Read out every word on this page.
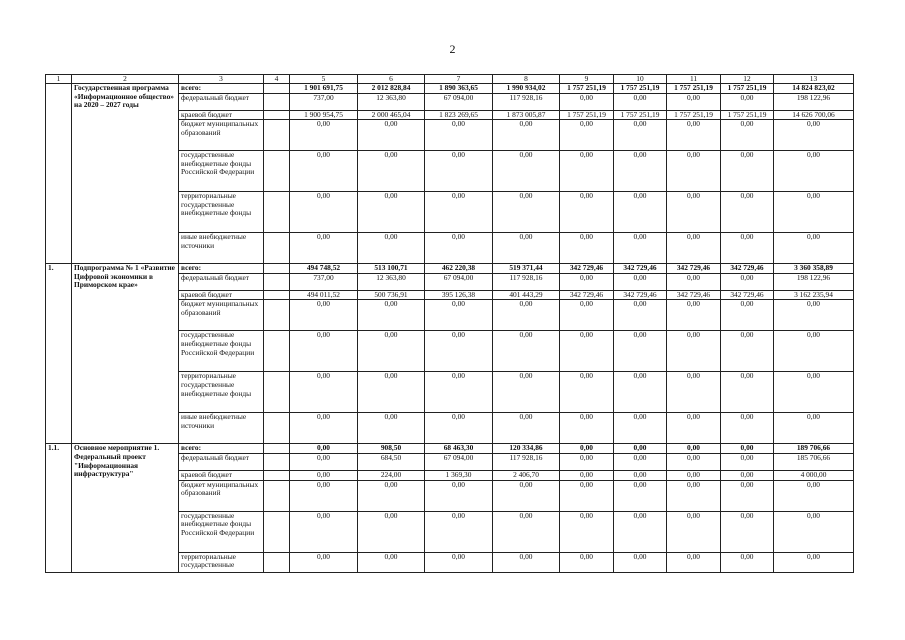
2
1	2	3	4	5	6	7	8	9	10	11	12	13
	Государственная программа «Информационное общество» на 2020 – 2027 годы	всего:		1 901 691,75	2 012 828,84	1 890 363,65	1 990 934,02	1 757 251,19	1 757 251,19	1 757 251,19	1 757 251,19	14 824 823,02
		федеральный бюджет		737,00	12 363,80	67 094,00	117 928,16	0,00	0,00	0,00	0,00	198 122,96
		краевой бюджет		1 900 954,75	2 000 465,04	1 823 269,65	1 873 005,87	1 757 251,19	1 757 251,19	1 757 251,19	1 757 251,19	14 626 700,06
		бюджет муниципальных образований		0,00	0,00	0,00	0,00	0,00	0,00	0,00	0,00	0,00
		государственные внебюджетные фонды Российской Федерации		0,00	0,00	0,00	0,00	0,00	0,00	0,00	0,00	0,00
		территориальные государственные внебюджетные фонды		0,00	0,00	0,00	0,00	0,00	0,00	0,00	0,00	0,00
		иные внебюджетные источники		0,00	0,00	0,00	0,00	0,00	0,00	0,00	0,00	0,00
1.	Подпрограмма № 1 «Развитие Цифровой экономики в Приморском крае»	всего:		494 748,52	513 100,71	462 220,38	519 371,44	342 729,46	342 729,46	342 729,46	342 729,46	3 360 358,89
		федеральный бюджет		737,00	12 363,80	67 094,00	117 928,16	0,00	0,00	0,00	0,00	198 122,96
		краевой бюджет		494 011,52	500 736,91	395 126,38	401 443,29	342 729,46	342 729,46	342 729,46	342 729,46	3 162 235,94
		бюджет муниципальных образований		0,00	0,00	0,00	0,00	0,00	0,00	0,00	0,00	0,00
		государственные внебюджетные фонды Российской Федерации		0,00	0,00	0,00	0,00	0,00	0,00	0,00	0,00	0,00
		территориальные государственные внебюджетные фонды		0,00	0,00	0,00	0,00	0,00	0,00	0,00	0,00	0,00
		иные внебюджетные источники		0,00	0,00	0,00	0,00	0,00	0,00	0,00	0,00	0,00
1.1.	Основное мероприятие 1. Федеральный проект "Информационная инфраструктура"	всего:		0,00	908,50	68 463,30	120 334,86	0,00	0,00	0,00	0,00	189 706,66
		федеральный бюджет		0,00	684,50	67 094,00	117 928,16	0,00	0,00	0,00	0,00	185 706,66
		краевой бюджет		0,00	224,00	1 369,30	2 406,70	0,00	0,00	0,00	0,00	4 000,00
		бюджет муниципальных образований		0,00	0,00	0,00	0,00	0,00	0,00	0,00	0,00	0,00
		государственные внебюджетные фонды Российской Федерации		0,00	0,00	0,00	0,00	0,00	0,00	0,00	0,00	0,00
		территориальные государственные		0,00	0,00	0,00	0,00	0,00	0,00	0,00	0,00	0,00
